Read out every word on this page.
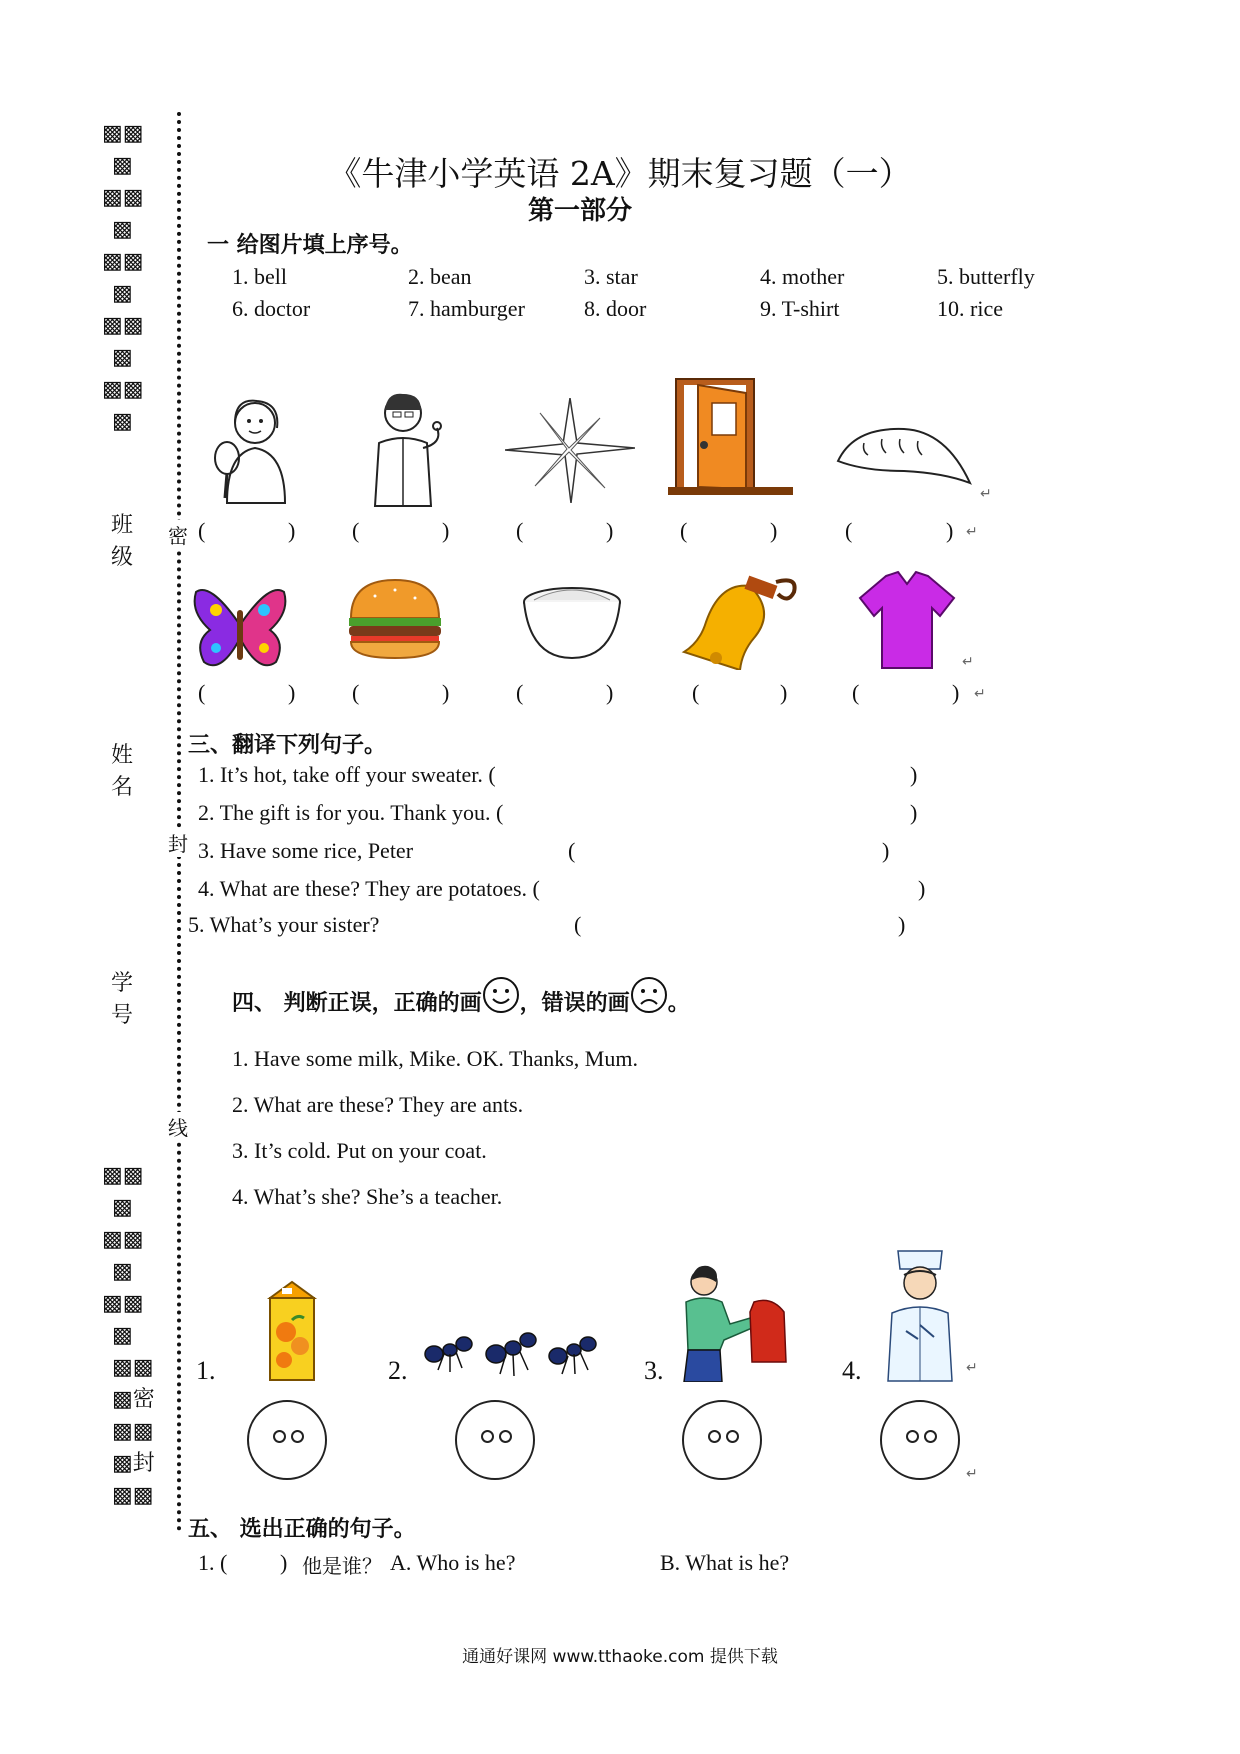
▩▩
▩
▩▩
▩
▩▩
▩
▩▩
▩
▩▩
▩
班
级
姓
名
学
号
▩▩
▩
▩▩
▩
▩▩
▩
▩▩
▩密
▩▩
▩封
▩▩
密
封
线
《牛津小学英语 2A》期末复习题（一）
第一部分
一 给图片填上序号。
1. bell	2. bean	3. star	4. mother	5. butterfly
6. doctor	7. hamburger	8. door	9. T-shirt	10. rice
↵
(	)	(	)	(	)	(	)	(	) ↵
↵
(	)	(	)	(	)	(	)	(	) ↵
三、翻译下列句子。
1. It’s hot, take off your sweater. (	)
2. The gift is for you. Thank you. (	)
3. Have some rice, Peter	(	)
4. What are these? They are potatoes. (	)
5. What’s your sister?	(	)
四、 判断正误，正确的画 ，错误的画 。
1. Have some milk, Mike. OK. Thanks, Mum.
2. What are these? They are ants.
3. It’s cold. Put on your coat.
4. What’s she? She’s a teacher.
1.	2.	3.	4.	↵
↵
五、 选出正确的句子。
1. ( ) 他是谁？ A. Who is he?	B. What is he?
通通好课网 www.tthaoke.com 提供下载
